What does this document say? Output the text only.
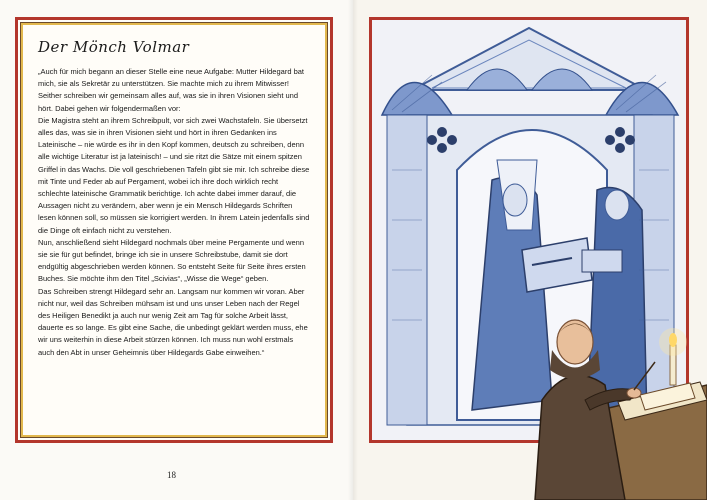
Der Mönch Volmar

„Auch für mich begann an dieser Stelle eine neue Aufgabe: Mutter Hildegard bat mich, sie als Sekretär zu unterstützen. Sie machte mich zu ihrem Mitwisser! Seither schreiben wir gemeinsam alles auf, was sie in ihren Visionen sieht und hört. Dabei gehen wir folgendermaßen vor:

Die Magistra steht an ihrem Schreibpult, vor sich zwei Wachstafeln. Sie übersetzt alles das, was sie in ihren Visionen sieht und hört in ihren Gedanken ins Lateinische – nie würde es ihr in den Kopf kommen, deutsch zu schreiben, denn alle wichtige Literatur ist ja lateinisch! – und sie ritzt die Sätze mit einem spitzen Griffel in das Wachs. Die voll geschriebenen Tafeln gibt sie mir. Ich schreibe diese mit Tinte und Feder ab auf Pergament, wobei ich ihre doch wirklich recht schlechte lateinische Grammatik berichtige. Ich achte dabei immer darauf, die Aussagen nicht zu verändern, aber wenn je ein Mensch Hildegards Schriften lesen können soll, so müssen sie korrigiert werden. In ihrem Latein jedenfalls sind die Dinge oft einfach nicht zu verstehen.

Nun, anschließend sieht Hildegard nochmals über meine Pergamente und wenn sie sie für gut befindet, bringe ich sie in unsere Schreibstube, damit sie dort endgültig abgeschrieben werden können. So entsteht Seite für Seite ihres ersten Buches. Sie möchte ihm den Titel „Scivias“, „Wisse die Wege“ geben.

Das Schreiben strengt Hildegard sehr an. Langsam nur kommen wir voran. Aber nicht nur, weil das Schreiben mühsam ist und uns unser Leben nach der Regel des Heiligen Benedikt ja auch nur wenig Zeit am Tag für solche Arbeit lässt, dauerte es so lange. Es gibt eine Sache, die unbedingt geklärt werden muss, ehe wir uns weiterhin in diese Arbeit stürzen können. Ich muss nun wohl erstmals auch den Abt in unser Geheimnis über Hildegards Gabe einweihen.“

18
